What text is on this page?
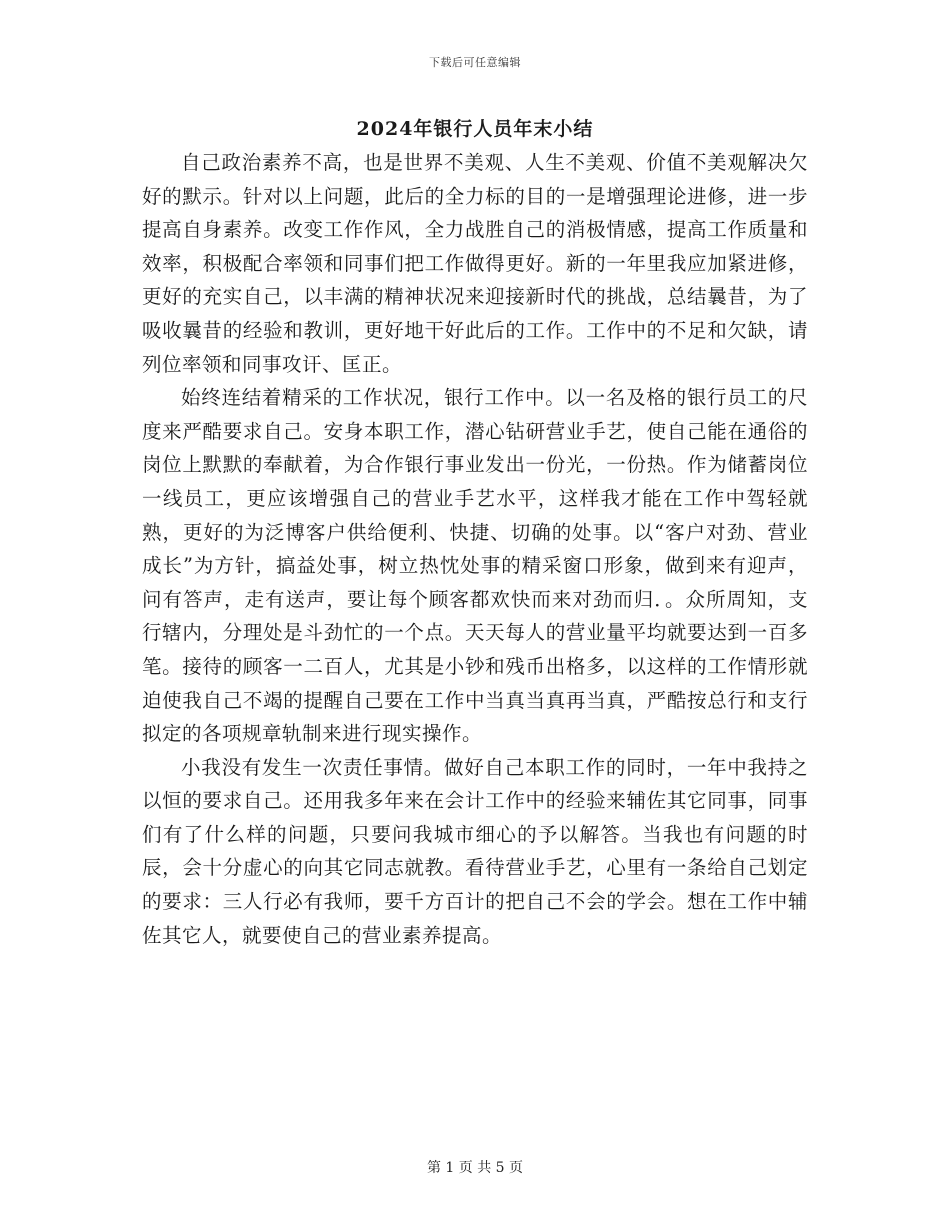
下载后可任意编辑
2024年银行人员年末小结

自己政治素养不高，也是世界不美观、人生不美观、价值不美观解决欠好的默示。针对以上问题，此后的全力标的目的一是增强理论进修，进一步提高自身素养。改变工作作风，全力战胜自己的消极情感，提高工作质量和效率，积极配合率领和同事们把工作做得更好。新的一年里我应加紧进修，更好的充实自己，以丰满的精神状况来迎接新时代的挑战，总结曩昔，为了吸收曩昔的经验和教训，更好地干好此后的工作。工作中的不足和欠缺，请列位率领和同事攻讦、匡正。

始终连结着精采的工作状况，银行工作中。以一名及格的银行员工的尺度来严酷要求自己。安身本职工作，潜心钻研营业手艺，使自己能在通俗的岗位上默默的奉献着，为合作银行事业发出一份光，一份热。作为储蓄岗位一线员工，更应该增强自己的营业手艺水平，这样我才能在工作中驾轻就熟，更好的为泛博客户供给便利、快捷、切确的处事。以“客户对劲、营业成长”为方针，搞益处事，树立热忱处事的精采窗口形象，做到来有迎声，问有答声，走有送声，要让每个顾客都欢快而来对劲而归．。众所周知，支行辖内，分理处是斗劲忙的一个点。天天每人的营业量平均就要达到一百多笔。接待的顾客一二百人，尤其是小钞和残币出格多，以这样的工作情形就迫使我自己不竭的提醒自己要在工作中当真当真再当真，严酷按总行和支行拟定的各项规章轨制来进行现实操作。

小我没有发生一次责任事情。做好自己本职工作的同时，一年中我持之以恒的要求自己。还用我多年来在会计工作中的经验来辅佐其它同事，同事们有了什么样的问题，只要问我城市细心的予以解答。当我也有问题的时辰，会十分虚心的向其它同志就教。看待营业手艺，心里有一条给自己划定的要求：三人行必有我师，要千方百计的把自己不会的学会。想在工作中辅佐其它人，就要使自己的营业素养提高。

第 1 页 共 5 页
